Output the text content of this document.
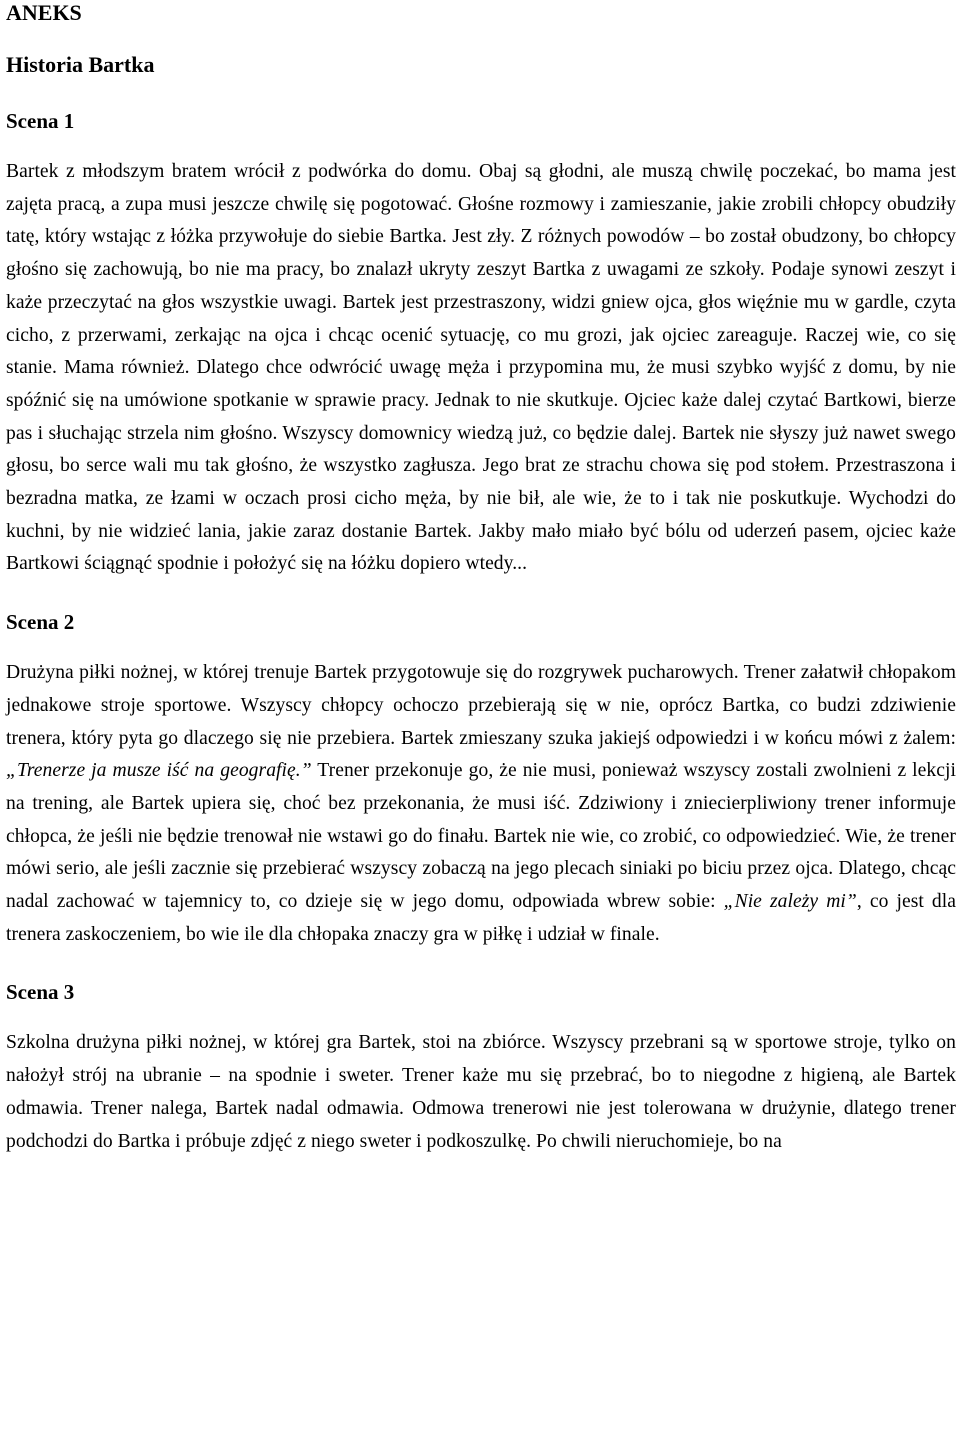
ANEKS
Historia Bartka
Scena 1

Bartek z młodszym bratem wrócił z podwórka do domu. Obaj są głodni, ale muszą chwilę poczekać, bo mama jest zajęta pracą, a zupa musi jeszcze chwilę się pogotować. Głośne rozmowy i zamieszanie, jakie zrobili chłopcy obudziły tatę, który wstając z łóżka przywołuje do siebie Bartka. Jest zły. Z różnych powodów – bo został obudzony, bo chłopcy głośno się zachowują, bo nie ma pracy, bo znalazł ukryty zeszyt Bartka z uwagami ze szkoły. Podaje synowi zeszyt i każe przeczytać na głos wszystkie uwagi. Bartek jest przestraszony, widzi gniew ojca, głos więźnie mu w gardle, czyta cicho, z przerwami, zerkając na ojca i chcąc ocenić sytuację, co mu grozi, jak ojciec zareaguje. Raczej wie, co się stanie. Mama również. Dlatego chce odwrócić uwagę męża i przypomina mu, że musi szybko wyjść z domu, by nie spóźnić się na umówione spotkanie w sprawie pracy. Jednak to nie skutkuje. Ojciec każe dalej czytać Bartkowi, bierze pas i słuchając strzela nim głośno. Wszyscy domownicy wiedzą już, co będzie dalej. Bartek nie słyszy już nawet swego głosu, bo serce wali mu tak głośno, że wszystko zagłusza. Jego brat ze strachu chowa się pod stołem. Przestraszona i bezradna matka, ze łzami w oczach prosi cicho męża, by nie bił, ale wie, że to i tak nie poskutkuje. Wychodzi do kuchni, by nie widzieć lania, jakie zaraz dostanie Bartek. Jakby mało miało być bólu od uderzeń pasem, ojciec każe Bartkowi ściągnąć spodnie i położyć się na łóżku dopiero wtedy...

Scena 2

Drużyna piłki nożnej, w której trenuje Bartek przygotowuje się do rozgrywek pucharowych. Trener załatwił chłopakom jednakowe stroje sportowe. Wszyscy chłopcy ochoczo przebierają się w nie, oprócz Bartka, co budzi zdziwienie trenera, który pyta go dlaczego się nie przebiera. Bartek zmieszany szuka jakiejś odpowiedzi i w końcu mówi z żalem: „Trenerze ja musze iść na geografię.” Trener przekonuje go, że nie musi, ponieważ wszyscy zostali zwolnieni z lekcji na trening, ale Bartek upiera się, choć bez przekonania, że musi iść. Zdziwiony i zniecierpliwiony trener informuje chłopca, że jeśli nie będzie trenował nie wstawi go do finału. Bartek nie wie, co zrobić, co odpowiedzieć. Wie, że trener mówi serio, ale jeśli zacznie się przebierać wszyscy zobaczą na jego plecach siniaki po biciu przez ojca. Dlatego, chcąc nadal zachować w tajemnicy to, co dzieje się w jego domu, odpowiada wbrew sobie: „Nie zależy mi”, co jest dla trenera zaskoczeniem, bo wie ile dla chłopaka znaczy gra w piłkę i udział w finale.

Scena 3

Szkolna drużyna piłki nożnej, w której gra Bartek, stoi na zbiórce. Wszyscy przebrani są w sportowe stroje, tylko on nałożył strój na ubranie – na spodnie i sweter. Trener każe mu się przebrać, bo to niegodne z higieną, ale Bartek odmawia. Trener nalega, Bartek nadal odmawia. Odmowa trenerowi nie jest tolerowana w drużynie, dlatego trener podchodzi do Bartka i próbuje zdjęć z niego sweter i podkoszulkę. Po chwili nieruchomieje, bo na
